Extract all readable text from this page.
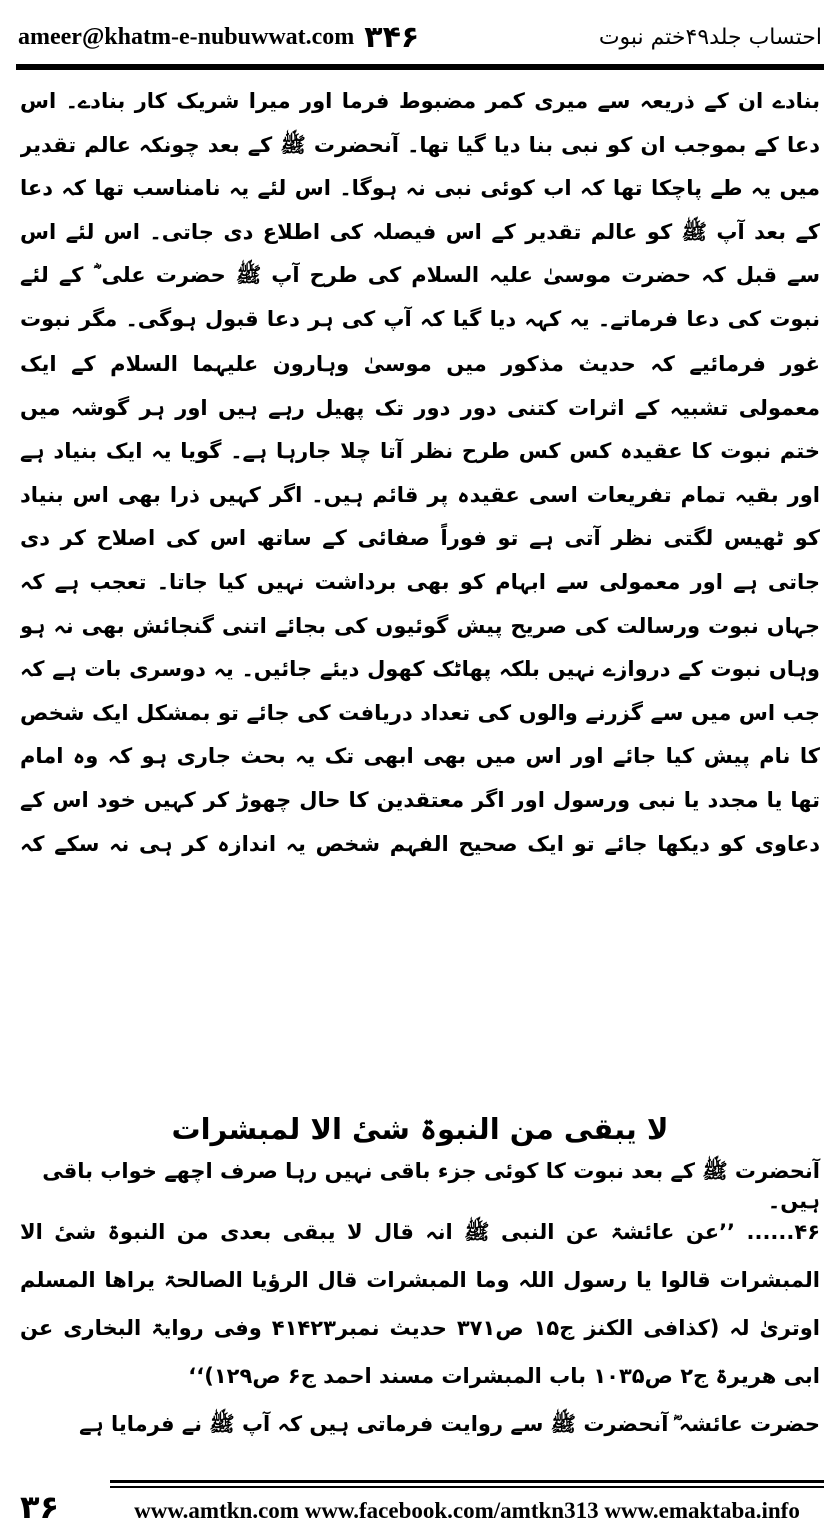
ameer@khatm-e-nubuwwat.com ۳۴۶	احتساب جلد۴۹ختم نبوت

بنادے ان کے ذریعہ سے میری کمر مضبوط فرما اور میرا شریک کار بنادے۔ اس دعا کے بموجب ان کو نبی بنا دیا گیا تھا۔ آنحضرت ﷺ کے بعد چونکہ عالم تقدیر میں یہ طے پاچکا تھا کہ اب کوئی نبی نہ ہوگا۔ اس لئے یہ نامناسب تھا کہ دعا کے بعد آپ ﷺ کو عالم تقدیر کے اس فیصلہ کی اطلاع دی جاتی۔ اس لئے اس سے قبل کہ حضرت موسیٰ علیہ السلام کی طرح آپ ﷺ حضرت علی ؓ کے لئے نبوت کی دعا فرماتے۔ یہ کہہ دیا گیا کہ آپ کی ہر دعا قبول ہوگی۔ مگر نبوت

غور فرمائیے کہ حدیث مذکور میں موسیٰ وہارون علیہما السلام کے ایک معمولی تشبیہ کے اثرات کتنی دور دور تک پھیل رہے ہیں اور ہر گوشہ میں ختم نبوت کا عقیدہ کس کس طرح نظر آتا چلا جارہا ہے۔ گویا یہ ایک بنیاد ہے اور بقیہ تمام تفریعات اسی عقیدہ پر قائم ہیں۔ اگر کہیں ذرا بھی اس بنیاد کو ٹھیس لگتی نظر آتی ہے تو فوراً صفائی کے ساتھ اس کی اصلاح کر دی جاتی ہے اور معمولی سے ابہام کو بھی برداشت نہیں کیا جاتا۔ تعجب ہے کہ جہاں نبوت ورسالت کی صریح پیش گوئیوں کی بجائے اتنی گنجائش بھی نہ ہو وہاں نبوت کے دروازے نہیں بلکہ پھاٹک کھول دیئے جائیں۔ یہ دوسری بات ہے کہ جب اس میں سے گزرنے والوں کی تعداد دریافت کی جائے تو بمشکل ایک شخص کا نام پیش کیا جائے اور اس میں بھی ابھی تک یہ بحث جاری ہو کہ وہ امام تھا یا مجدد یا نبی ورسول اور اگر معتقدین کا حال چھوڑ کر کہیں خود اس کے دعاوی کو دیکھا جائے تو ایک صحیح الفہم شخص یہ اندازہ کر ہی نہ سکے کہ

لا یبقی من النبوۃ شیٔ الا لمبشرات
آنحضرت ﷺ کے بعد نبوت کا کوئی جزء باقی نہیں رہا صرف اچھے خواب باقی ہیں۔

۴۶...... ’’عن عائشۃ عن النبی ﷺ انہ قال لا یبقی بعدی من النبوۃ شیٔ الا المبشرات قالوا یا رسول اللہ وما المبشرات قال الرؤیا الصالحۃ یراھا المسلم اوتریٰ لہ (کذافی الکنز ج۱۵ ص۳۷۱ حدیث نمبر۴۱۴۲۳ وفی روایۃ البخاری عن ابی ھریرۃ ج۲ ص۱۰۳۵ باب المبشرات مسند احمد ج۶ ص۱۲۹)‘‘

حضرت عائشہ ؓ آنحضرت ﷺ سے روایت فرماتی ہیں کہ آپ ﷺ نے فرمایا ہے

۳۶	www.amtkn.com www.facebook.com/amtkn313 www.emaktaba.info
